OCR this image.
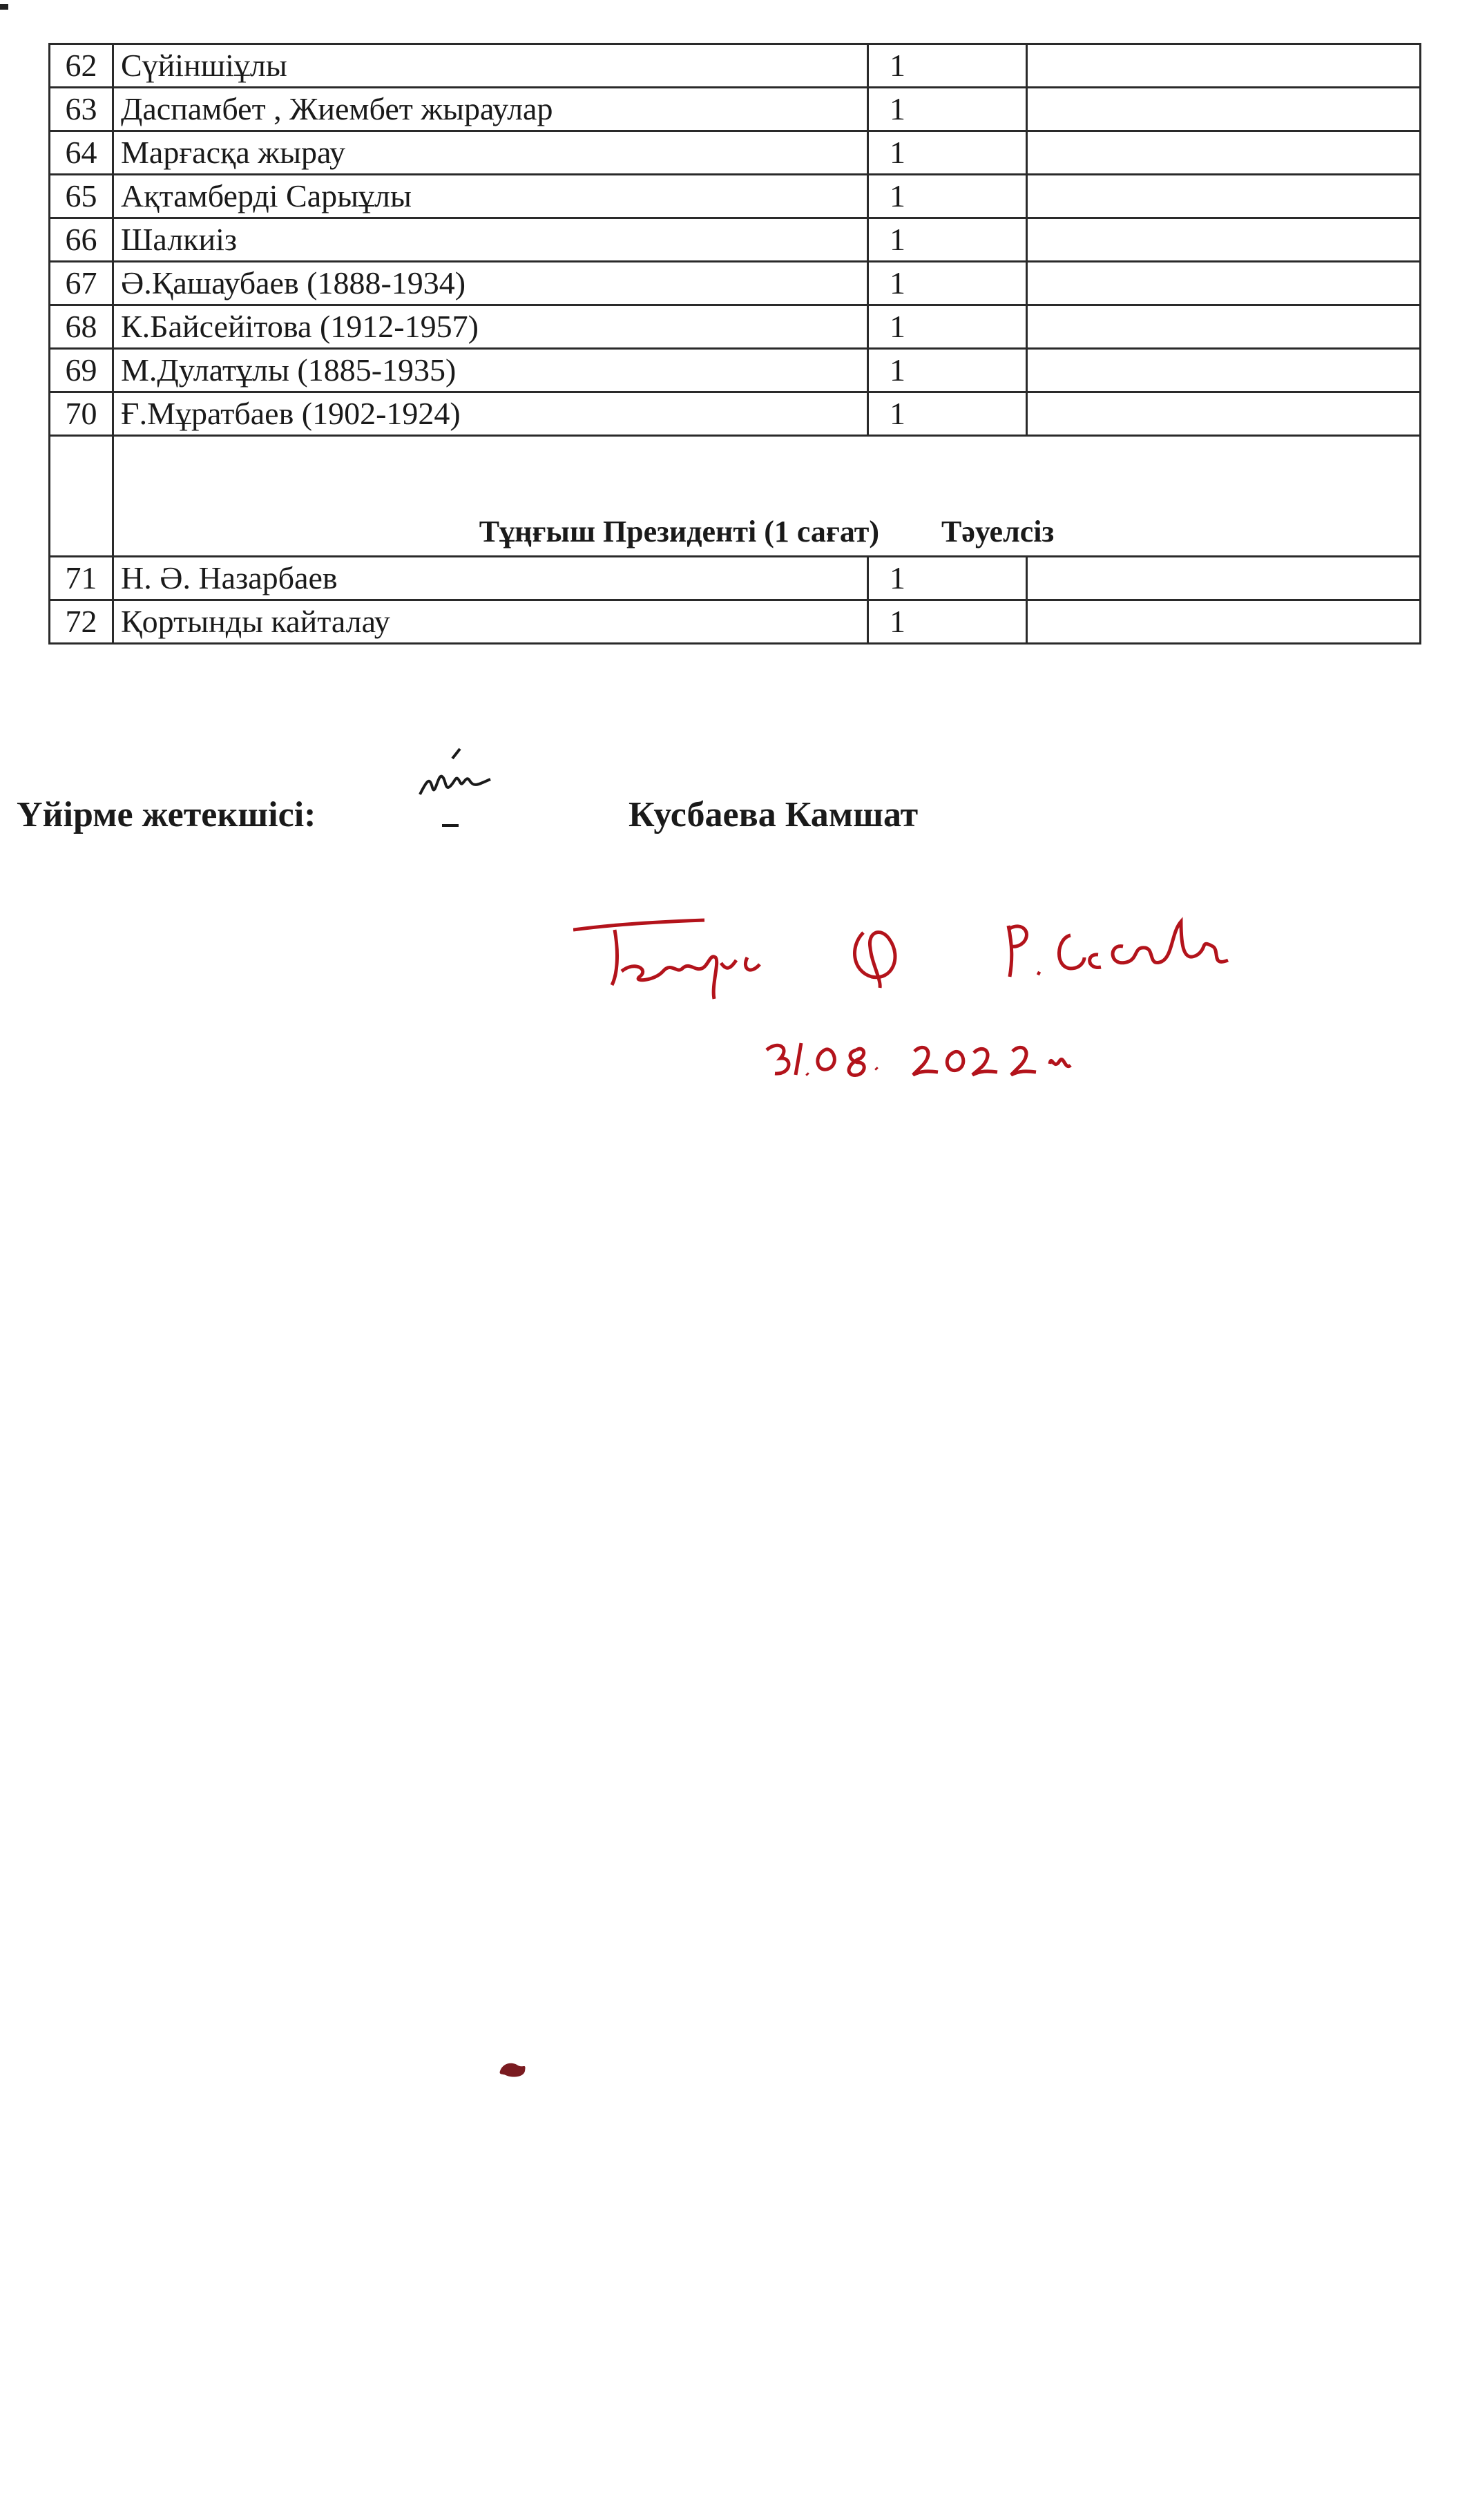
62	Сүйіншіұлы	1	
63	Даспамбет , Жиембет жыраулар	1	
64	Марғасқа жырау	1	
65	Ақтамберді Сарыұлы	1	
66	Шалкиіз	1	
67	Ә.Қашаубаев (1888-1934)	1	
68	К.Байсейітова (1912-1957)	1	
69	М.Дулатұлы (1885-1935)	1	
70	Ғ.Мұратбаев (1902-1924)	1	
	Тұңғыш Президенті (1 сағат) Тәуелсіз		
71	Н. Ә. Назарбаев	1	
72	Қортынды кайталау	1	
Үйірме жетекшісі:	Кусбаева Камшат
